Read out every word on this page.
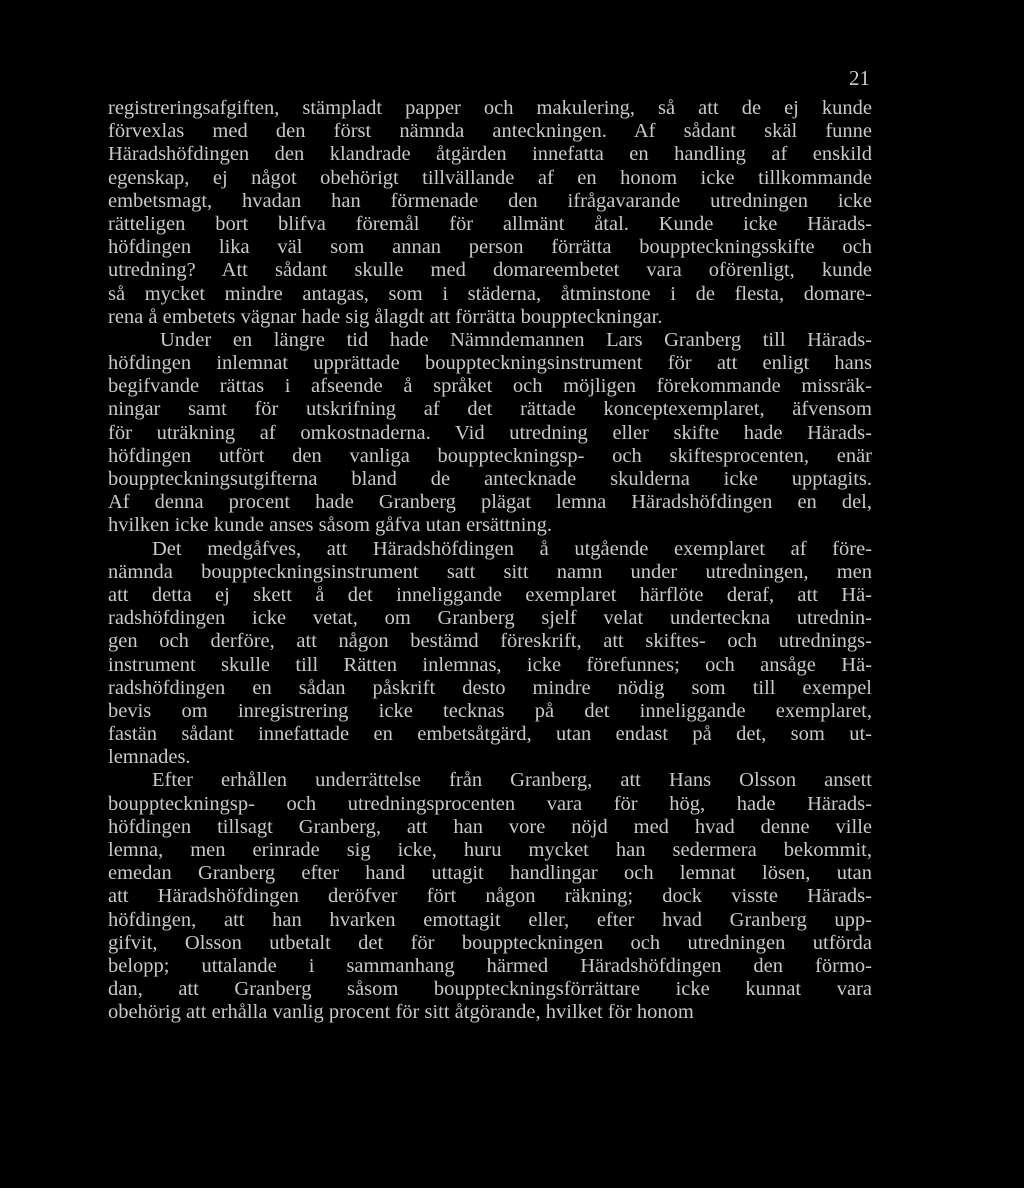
21
registreringsafgiften, stämpladt papper och makulering, så att de ej kunde
förvexlas med den först nämnda anteckningen. Af sådant skäl funne
Häradshöfdingen den klandrade åtgärden innefatta en handling af enskild
egenskap, ej något obehörigt tillvällande af en honom icke tillkommande
embetsmagt, hvadan han förmenade den ifrågavarande utredningen icke
rätteligen bort blifva föremål för allmänt åtal. Kunde icke Härads-
höfdingen lika väl som annan person förrätta bouppteckningsskifte och
utredning? Att sådant skulle med domareembetet vara oförenligt, kunde
så mycket mindre antagas, som i städerna, åtminstone i de flesta, domare-
rena å embetets vägnar hade sig ålagdt att förrätta bouppteckningar.
Under en längre tid hade Nämndemannen Lars Granberg till Härads-
höfdingen inlemnat upprättade bouppteckningsinstrument för att enligt hans
begifvande rättas i afseende å språket och möjligen förekommande missräk-
ningar samt för utskrifning af det rättade konceptexemplaret, äfvensom
för uträkning af omkostnaderna. Vid utredning eller skifte hade Härads-
höfdingen utfört den vanliga bouppteckningsp- och skiftesprocenten, enär
bouppteckningsutgifterna bland de antecknade skulderna icke upptagits.
Af denna procent hade Granberg plägat lemna Häradshöfdingen en del,
hvilken icke kunde anses såsom gåfva utan ersättning.
Det medgåfves, att Häradshöfdingen å utgående exemplaret af före-
nämnda bouppteckningsinstrument satt sitt namn under utredningen, men
att detta ej skett å det inneliggande exemplaret härflöte deraf, att Hä-
radshöfdingen icke vetat, om Granberg sjelf velat underteckna utrednin-
gen och derföre, att någon bestämd föreskrift, att skiftes- och utrednings-
instrument skulle till Rätten inlemnas, icke förefunnes; och ansåge Hä-
radshöfdingen en sådan påskrift desto mindre nödig som till exempel
bevis om inregistrering icke tecknas på det inneliggande exemplaret,
fastän sådant innefattade en embetsåtgärd, utan endast på det, som ut-
lemnades.
Efter erhållen underrättelse från Granberg, att Hans Olsson ansett
bouppteckningsp- och utredningsprocenten vara för hög, hade Härads-
höfdingen tillsagt Granberg, att han vore nöjd med hvad denne ville
lemna, men erinrade sig icke, huru mycket han sedermera bekommit,
emedan Granberg efter hand uttagit handlingar och lemnat lösen, utan
att Häradshöfdingen deröfver fört någon räkning; dock visste Härads-
höfdingen, att han hvarken emottagit eller, efter hvad Granberg upp-
gifvit, Olsson utbetalt det för bouppteckningen och utredningen utförda
belopp; uttalande i sammanhang härmed Häradshöfdingen den förmo-
dan, att Granberg såsom bouppteckningsförrättare icke kunnat vara
obehörig att erhålla vanlig procent för sitt åtgörande, hvilket för honom
